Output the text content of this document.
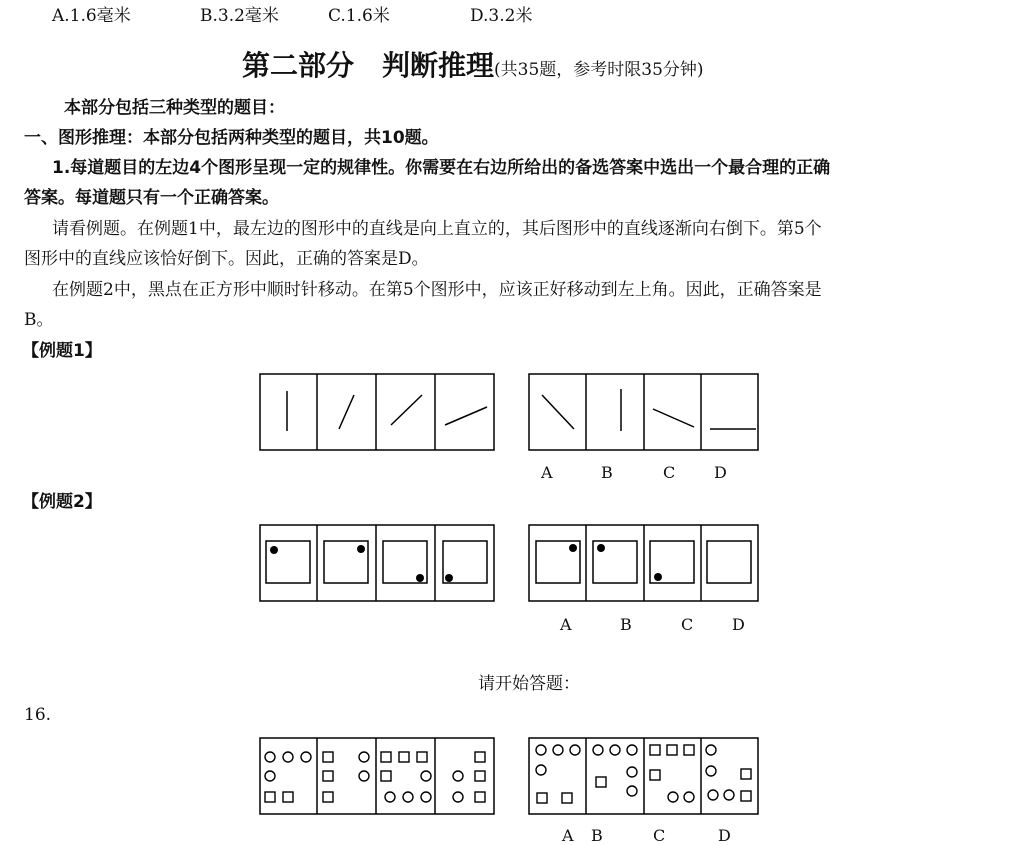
A.1.6毫米	B.3.2毫米	C.1.6米	D.3.2米
第二部分　判断推理(共35题，参考时限35分钟)
本部分包括三种类型的题目：
一、图形推理：本部分包括两种类型的题目，共10题。
1.每道题目的左边4个图形呈现一定的规律性。你需要在右边所给出的备选答案中选出一个最合理的正确
答案。每道题只有一个正确答案。
请看例题。在例题1中，最左边的图形中的直线是向上直立的，其后图形中的直线逐渐向右倒下。第5个
图形中的直线应该恰好倒下。因此，正确的答案是D。
在例题2中，黑点在正方形中顺时针移动。在第5个图形中，应该正好移动到左上角。因此，正确答案是
B。
【例题1】
A	B	C D
【例题2】
A	B	C D
请开始答题：
16.
A B	C	D
